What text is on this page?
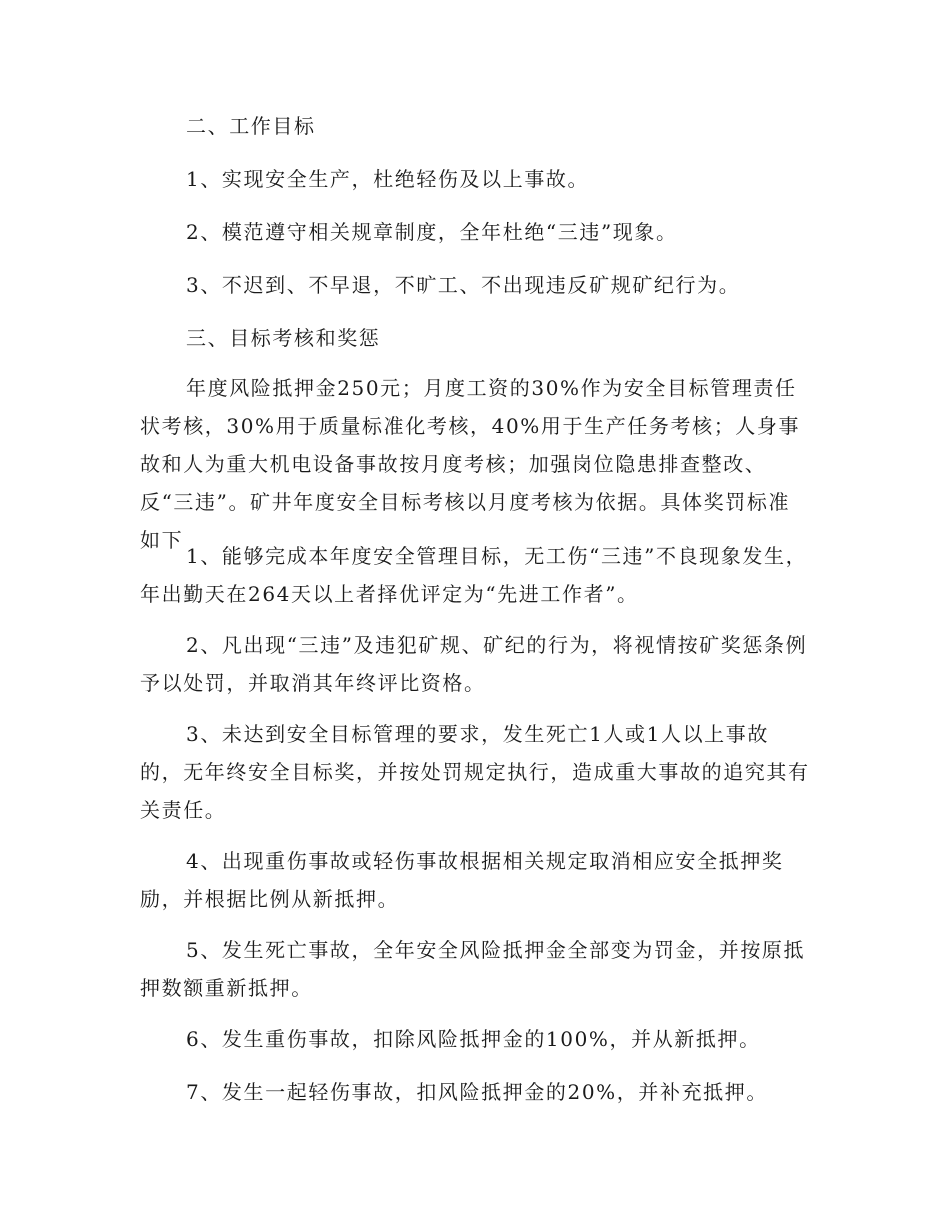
二、工作目标

1、实现安全生产，杜绝轻伤及以上事故。

2、模范遵守相关规章制度，全年杜绝“三违”现象。

3、不迟到、不早退，不旷工、不出现违反矿规矿纪行为。

三、目标考核和奖惩

年度风险抵押金250元；月度工资的30%作为安全目标管理责任状考核，30%用于质量标准化考核，40%用于生产任务考核；人身事故和人为重大机电设备事故按月度考核；加强岗位隐患排查整改、反“三违”。矿井年度安全目标考核以月度考核为依据。具体奖罚标准如下

1、能够完成本年度安全管理目标，无工伤“三违”不良现象发生，年出勤天在264天以上者择优评定为“先进工作者”。

2、凡出现“三违”及违犯矿规、矿纪的行为，将视情按矿奖惩条例予以处罚，并取消其年终评比资格。

3、未达到安全目标管理的要求，发生死亡1人或1人以上事故的，无年终安全目标奖，并按处罚规定执行，造成重大事故的追究其有关责任。

4、出现重伤事故或轻伤事故根据相关规定取消相应安全抵押奖励，并根据比例从新抵押。

5、发生死亡事故，全年安全风险抵押金全部变为罚金，并按原抵押数额重新抵押。

6、发生重伤事故，扣除风险抵押金的100%，并从新抵押。

7、发生一起轻伤事故，扣风险抵押金的20%，并补充抵押。
